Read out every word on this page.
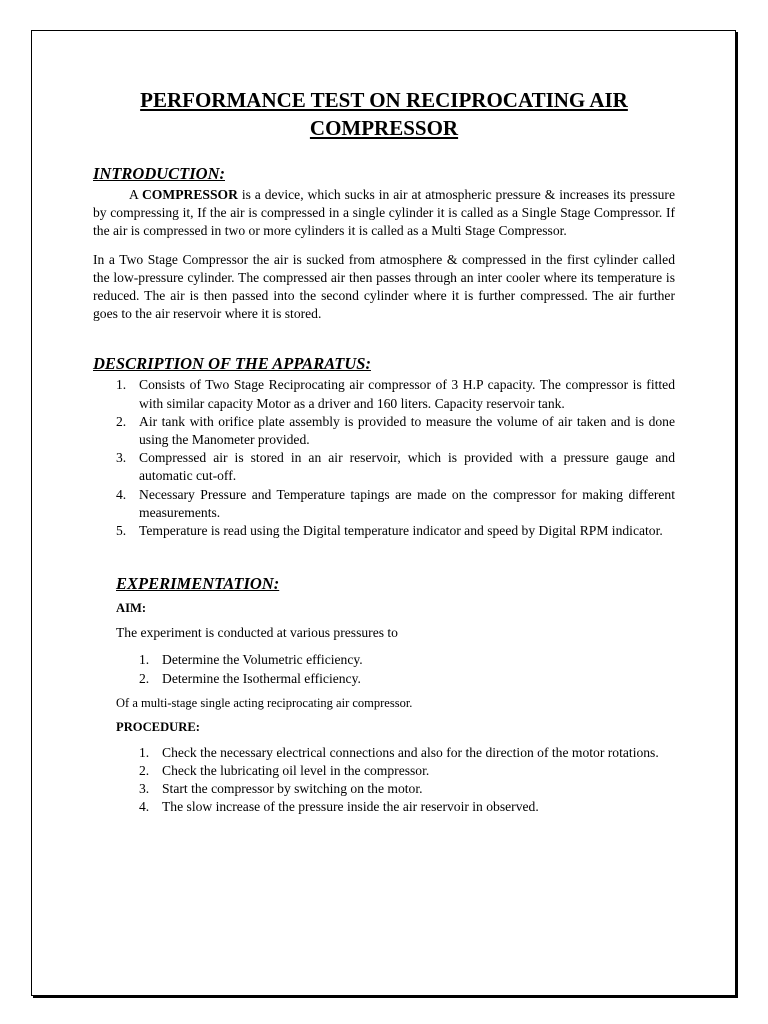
PERFORMANCE TEST ON RECIPROCATING AIR
COMPRESSOR
INTRODUCTION:

A COMPRESSOR is a device, which sucks in air at atmospheric pressure & increases its pressure by compressing it, If the air is compressed in a single cylinder it is called as a Single Stage Compressor. If the air is compressed in two or more cylinders it is called as a Multi Stage Compressor.

In a Two Stage Compressor the air is sucked from atmosphere & compressed in the first cylinder called the low-pressure cylinder. The compressed air then passes through an inter cooler where its temperature is reduced. The air is then passed into the second cylinder where it is further compressed. The air further goes to the air reservoir where it is stored.

DESCRIPTION OF THE APPARATUS:
1. Consists of Two Stage Reciprocating air compressor of 3 H.P capacity. The compressor is fitted with similar capacity Motor as a driver and 160 liters. Capacity reservoir tank.
2. Air tank with orifice plate assembly is provided to measure the volume of air taken and is done using the Manometer provided.
3. Compressed air is stored in an air reservoir, which is provided with a pressure gauge and automatic cut-off.
4. Necessary Pressure and Temperature tapings are made on the compressor for making different measurements.
5. Temperature is read using the Digital temperature indicator and speed by Digital RPM indicator.
EXPERIMENTATION:

AIM:

The experiment is conducted at various pressures to

1. Determine the Volumetric efficiency.
2. Determine the Isothermal efficiency.

Of a multi-stage single acting reciprocating air compressor.

PROCEDURE:

1. Check the necessary electrical connections and also for the direction of the motor rotations.
2. Check the lubricating oil level in the compressor.
3. Start the compressor by switching on the motor.
4. The slow increase of the pressure inside the air reservoir in observed.
